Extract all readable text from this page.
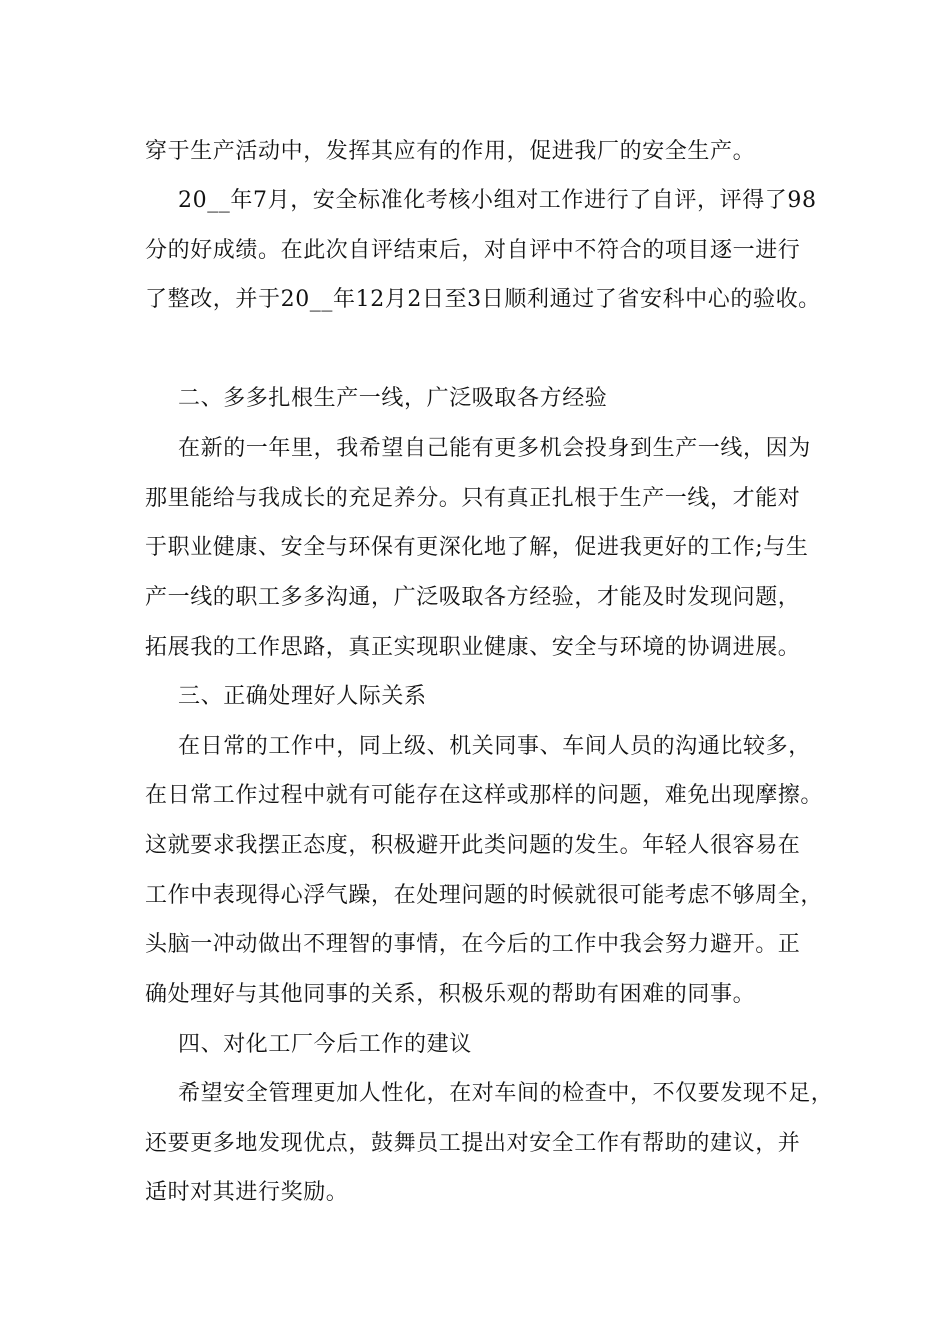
穿于生产活动中，发挥其应有的作用，促进我厂的安全生产。
20__年7月，安全标准化考核小组对工作进行了自评，评得了98
分的好成绩。在此次自评结束后，对自评中不符合的项目逐一进行
了整改，并于20__年12月2日至3日顺利通过了省安科中心的验收。
二、多多扎根生产一线，广泛吸取各方经验
在新的一年里，我希望自己能有更多机会投身到生产一线，因为
那里能给与我成长的充足养分。只有真正扎根于生产一线，才能对
于职业健康、安全与环保有更深化地了解，促进我更好的工作;与生
产一线的职工多多沟通，广泛吸取各方经验，才能及时发现问题，
拓展我的工作思路，真正实现职业健康、安全与环境的协调进展。
三、正确处理好人际关系
在日常的工作中，同上级、机关同事、车间人员的沟通比较多，
在日常工作过程中就有可能存在这样或那样的问题，难免出现摩擦。
这就要求我摆正态度，积极避开此类问题的发生。年轻人很容易在
工作中表现得心浮气躁，在处理问题的时候就很可能考虑不够周全，
头脑一冲动做出不理智的事情，在今后的工作中我会努力避开。正
确处理好与其他同事的关系，积极乐观的帮助有困难的同事。
四、对化工厂今后工作的建议
希望安全管理更加人性化，在对车间的检查中，不仅要发现不足，
还要更多地发现优点，鼓舞员工提出对安全工作有帮助的建议，并
适时对其进行奖励。
